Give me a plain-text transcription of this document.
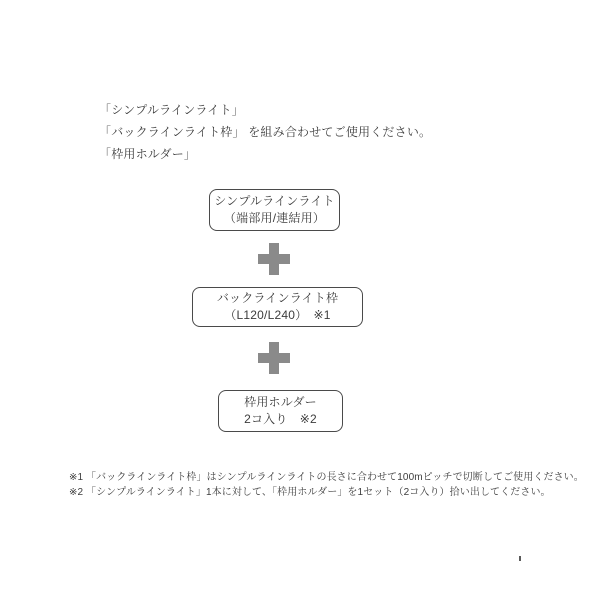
「シンプルラインライト」
「バックラインライト枠」 を組み合わせてご使用ください。
「枠用ホルダー」
シンプルラインライト
（端部用/連結用）
バックラインライト枠
（L120/L240）　※1
枠用ホルダー
2コ入り　※2
※1 「バックラインライト枠」はシンプルラインライトの長さに合わせて100mピッチで切断してご使用ください。
※2 「シンプルラインライト」1本に対して、「枠用ホルダー」を1セット（2コ入り）拾い出してください。
